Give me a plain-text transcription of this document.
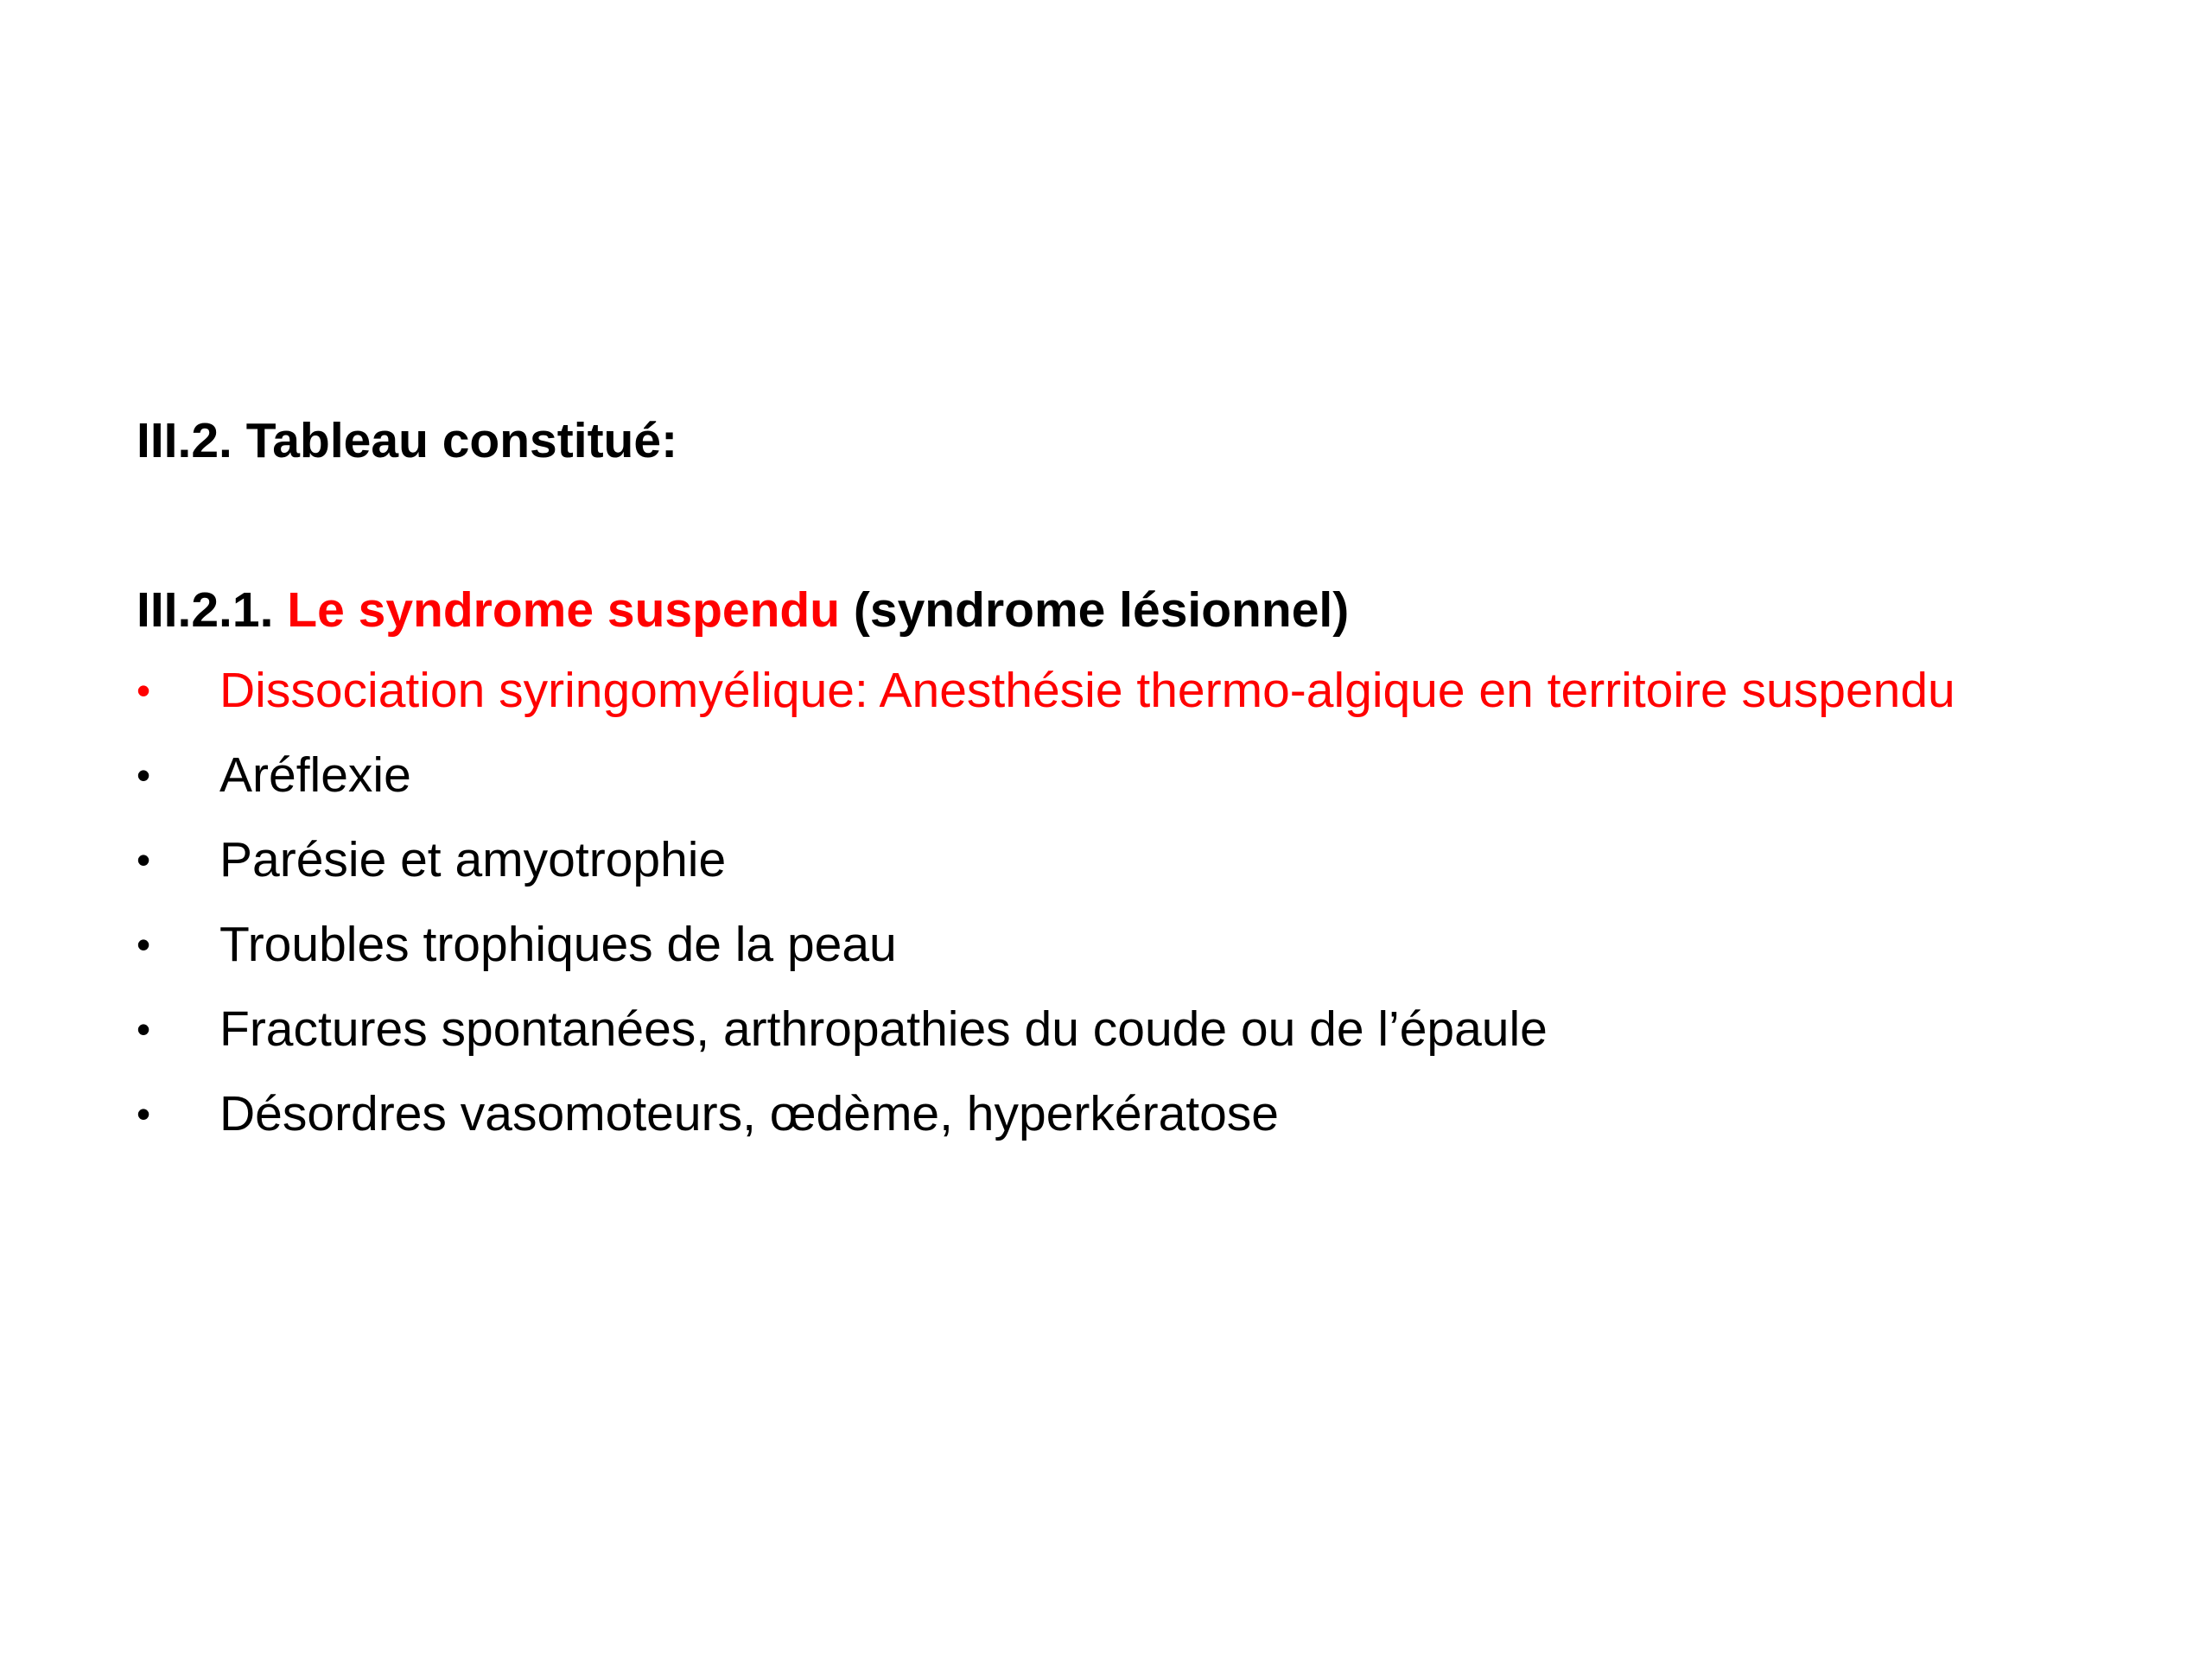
III.2. Tableau constitué:

III.2.1. Le syndrome suspendu (syndrome lésionnel)

•	Dissociation syringomyélique: Anesthésie thermo-algique en territoire suspendu
•	Aréflexie
•	Parésie et amyotrophie
•	Troubles trophiques de la peau
•	Fractures spontanées, arthropathies du coude ou de l’épaule
•	Désordres vasomoteurs, œdème, hyperkératose
